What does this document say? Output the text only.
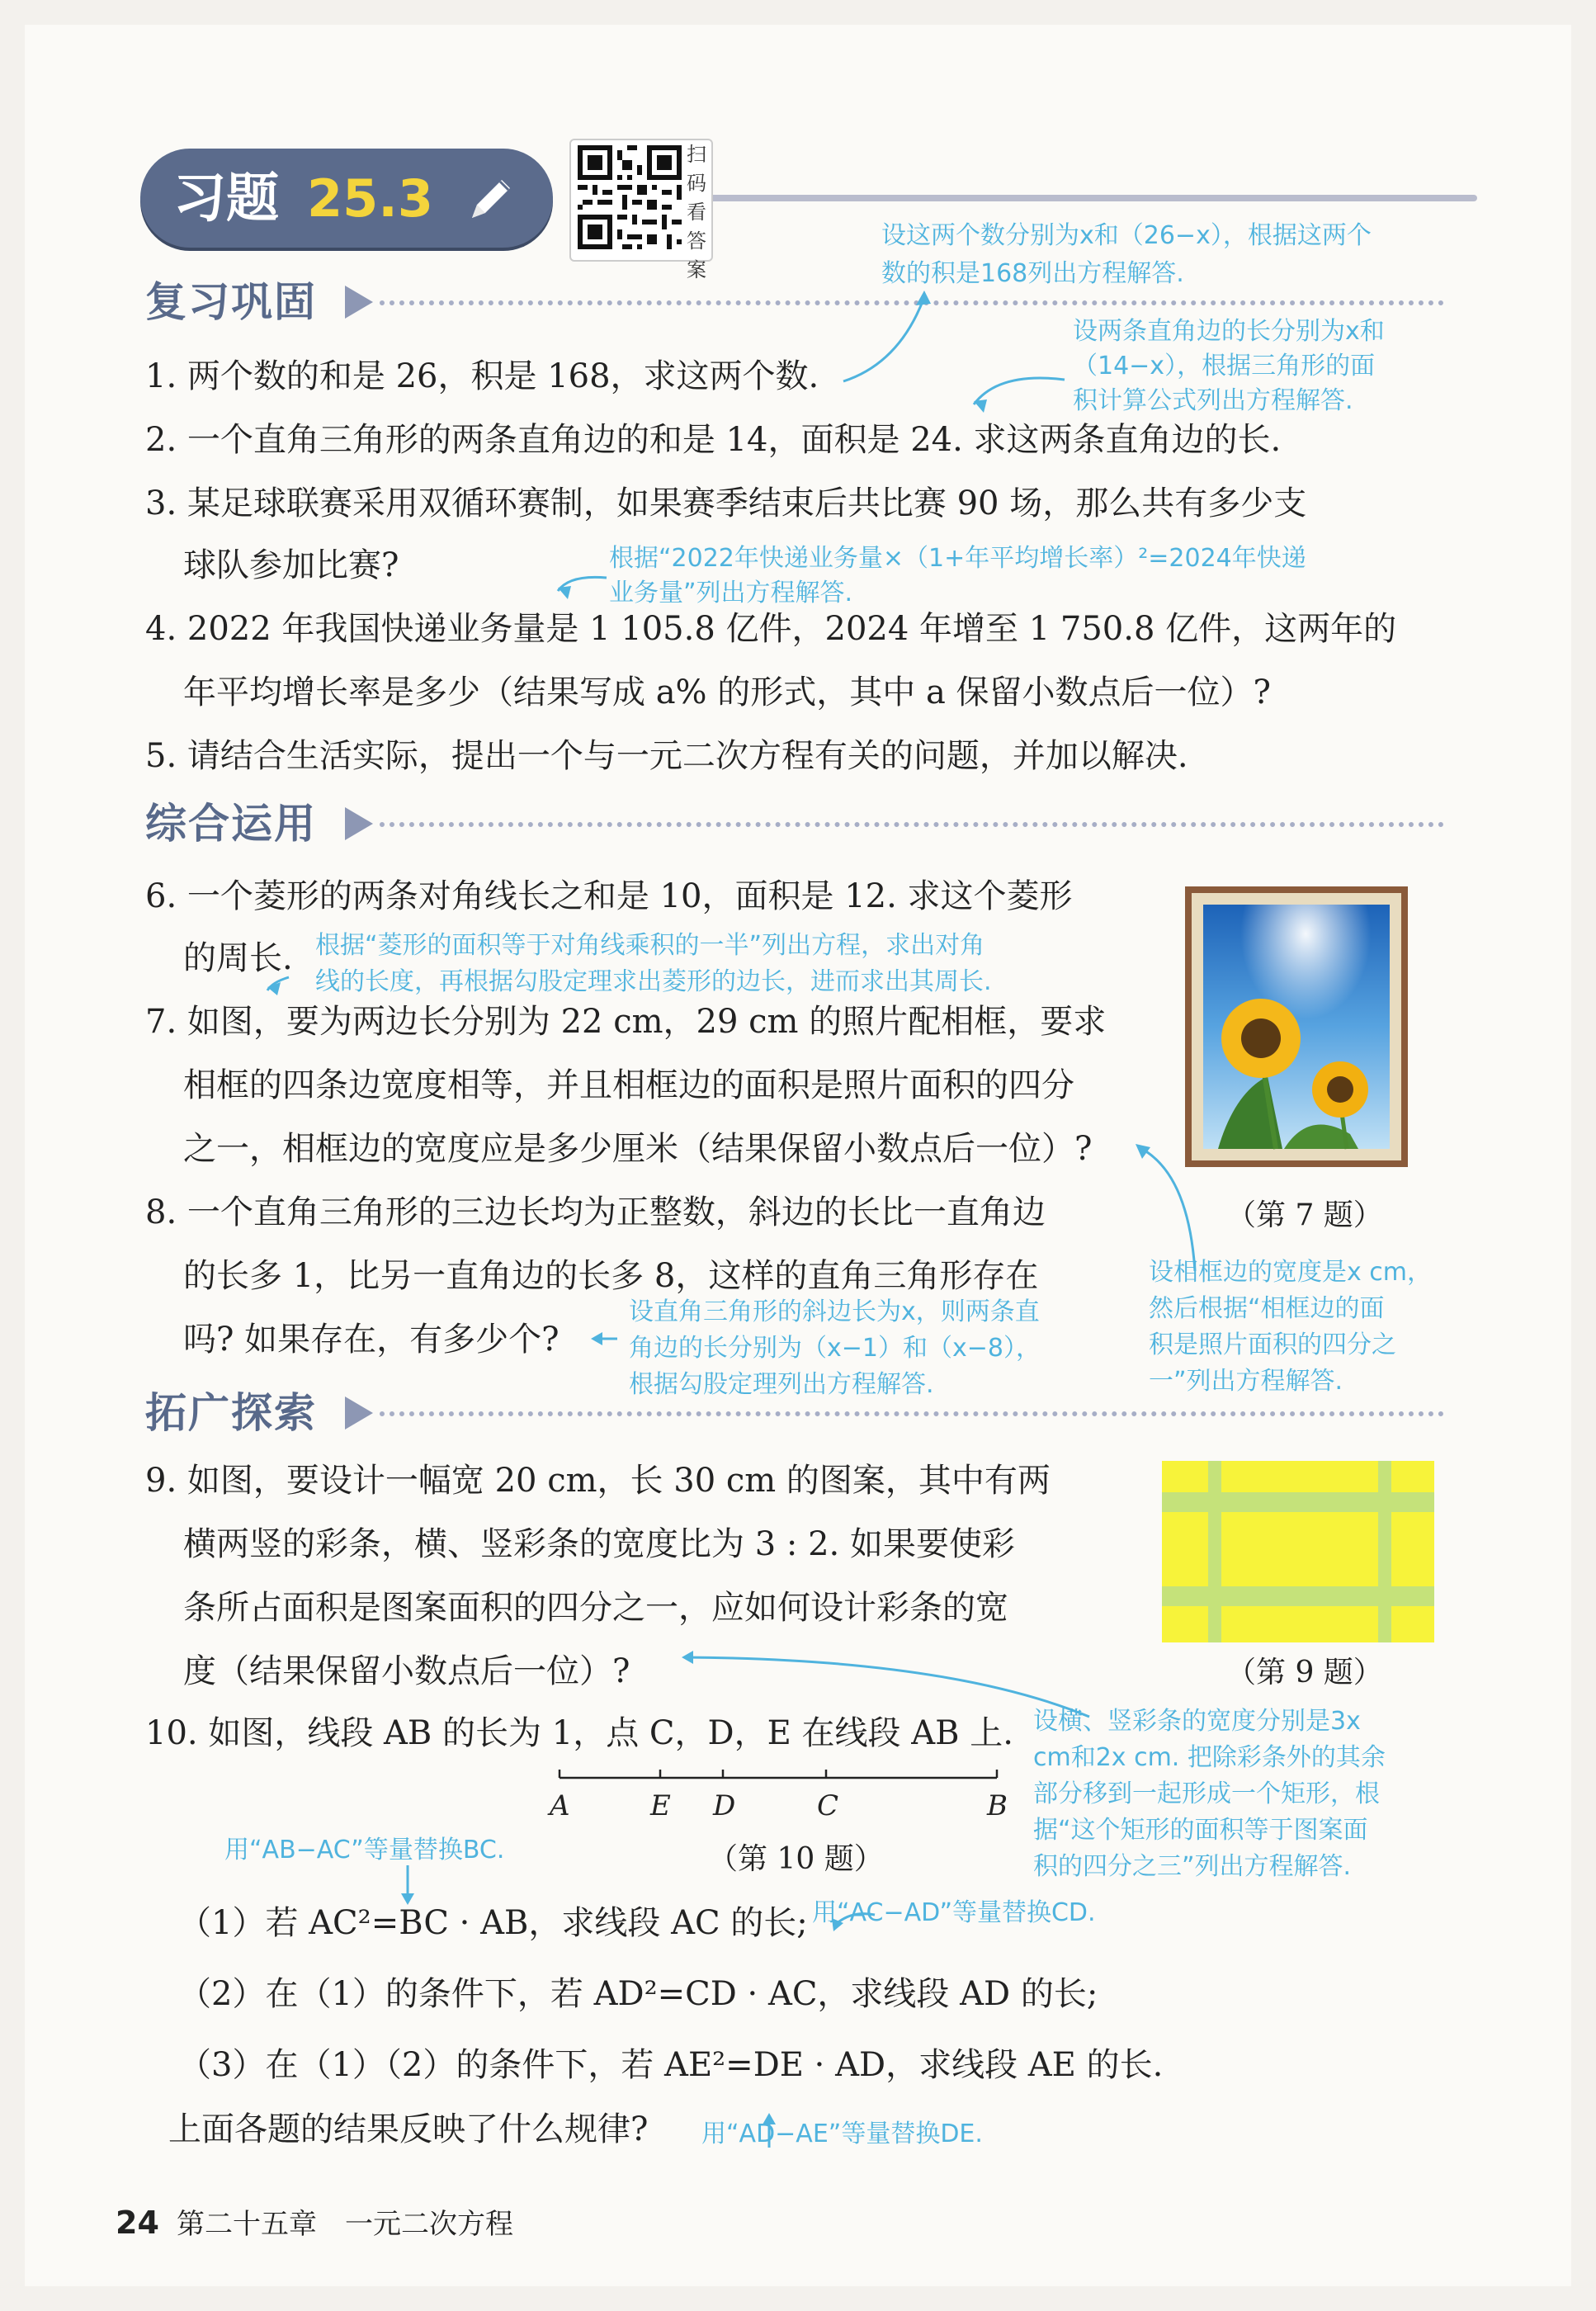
习题 25.3
扫
码
看
答
案
复习巩固
1. 两个数的和是 26，积是 168，求这两个数.
2. 一个直角三角形的两条直角边的和是 14，面积是 24. 求这两条直角边的长.
3. 某足球联赛采用双循环赛制，如果赛季结束后共比赛 90 场，那么共有多少支
球队参加比赛?
4. 2022 年我国快递业务量是 1 105.8 亿件，2024 年增至 1 750.8 亿件，这两年的
年平均增长率是多少（结果写成 a% 的形式，其中 a 保留小数点后一位）?
5. 请结合生活实际，提出一个与一元二次方程有关的问题，并加以解决.
设这两个数分别为x和（26−x），根据这两个
数的积是168列出方程解答.
设两条直角边的长分别为x和
（14−x），根据三角形的面
积计算公式列出方程解答.
根据“2022年快递业务量×（1+年平均增长率）²=2024年快递
业务量”列出方程解答.
综合运用
6. 一个菱形的两条对角线长之和是 10，面积是 12. 求这个菱形
的周长. 根据“菱形的面积等于对角线乘积的一半”列出方程，求出对角
线的长度，再根据勾股定理求出菱形的边长，进而求出其周长.
7. 如图，要为两边长分别为 22 cm，29 cm 的照片配相框，要求
相框的四条边宽度相等，并且相框边的面积是照片面积的四分
之一，相框边的宽度应是多少厘米（结果保留小数点后一位）?
8. 一个直角三角形的三边长均为正整数，斜边的长比一直角边
的长多 1，比另一直角边的长多 8，这样的直角三角形存在
吗? 如果存在，有多少个?
设直角三角形的斜边长为x，则两条直
角边的长分别为（x−1）和（x−8），
根据勾股定理列出方程解答.
设相框边的宽度是x cm，
然后根据“相框边的面
积是照片面积的四分之
一”列出方程解答.
（第 7 题）
拓广探索
9. 如图，要设计一幅宽 20 cm，长 30 cm 的图案，其中有两
横两竖的彩条，横、竖彩条的宽度比为 3 : 2. 如果要使彩
条所占面积是图案面积的四分之一，应如何设计彩条的宽
度（结果保留小数点后一位）?	（第 9 题）
设横、竖彩条的宽度分别是3x
cm和2x cm. 把除彩条外的其余
部分移到一起形成一个矩形，根
据“这个矩形的面积等于图案面
积的四分之三”列出方程解答.
10. 如图，线段 AB 的长为 1，点 C，D，E 在线段 AB 上.
A	E D	C	B
（第 10 题）
用“AB−AC”等量替换BC.
（1）若 AC²=BC · AB，求线段 AC 的长; 用“AC−AD”等量替换CD.
（2）在（1）的条件下，若 AD²=CD · AC，求线段 AD 的长;
（3）在（1）（2）的条件下，若 AE²=DE · AD，求线段 AE 的长.
上面各题的结果反映了什么规律? 用“AD−AE”等量替换DE.
24 第二十五章　一元二次方程
